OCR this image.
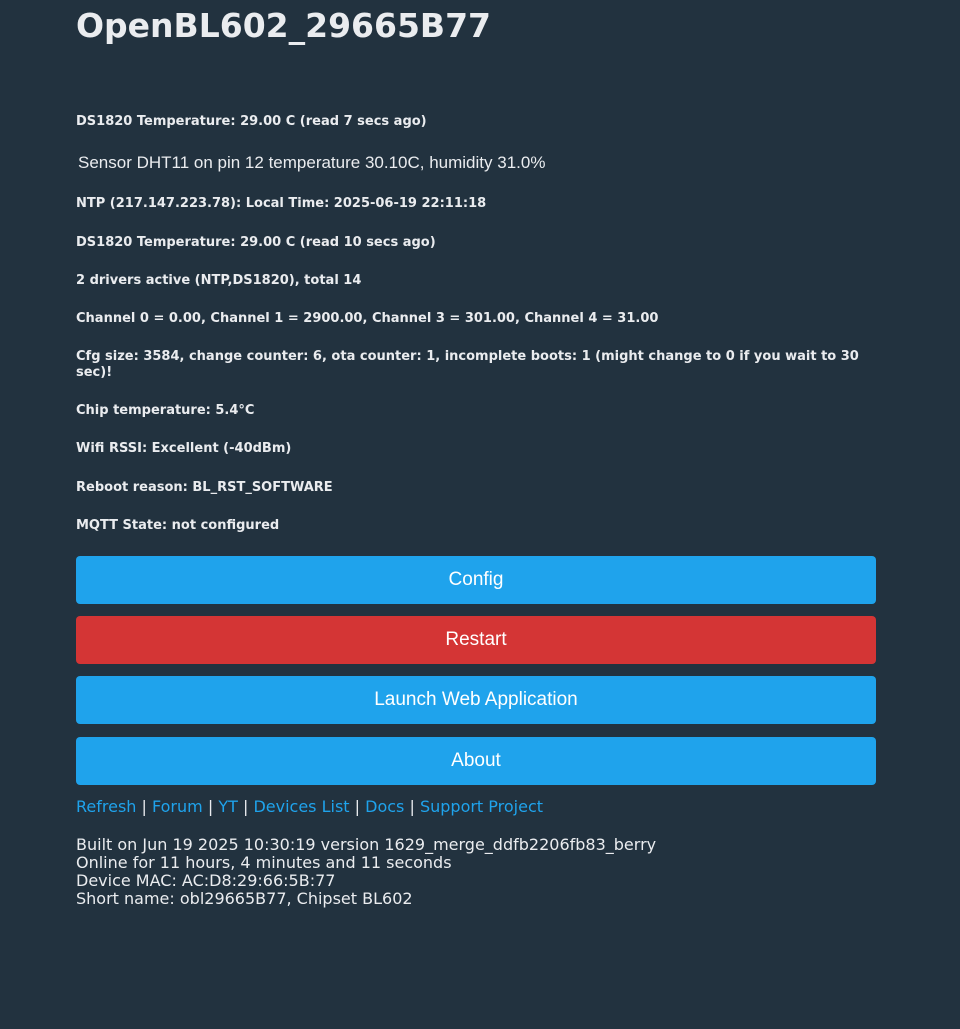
OpenBL602_29665B77
DS1820 Temperature: 29.00 C (read 7 secs ago)
Sensor DHT11 on pin 12 temperature 30.10C, humidity 31.0%
NTP (217.147.223.78): Local Time: 2025-06-19 22:11:18
DS1820 Temperature: 29.00 C (read 10 secs ago)
2 drivers active (NTP,DS1820), total 14
Channel 0 = 0.00, Channel 1 = 2900.00, Channel 3 = 301.00, Channel 4 = 31.00
Cfg size: 3584, change counter: 6, ota counter: 1, incomplete boots: 1 (might change to 0 if you wait to 30 sec)!
Chip temperature: 5.4°C
Wifi RSSI: Excellent (-40dBm)
Reboot reason: BL_RST_SOFTWARE
MQTT State: not configured
Config
Restart
Launch Web Application
About
Refresh | Forum | YT | Devices List | Docs | Support Project
Built on Jun 19 2025 10:30:19 version 1629_merge_ddfb2206fb83_berry
Online for 11 hours, 4 minutes and 11 seconds
Device MAC: AC:D8:29:66:5B:77
Short name: obl29665B77, Chipset BL602
